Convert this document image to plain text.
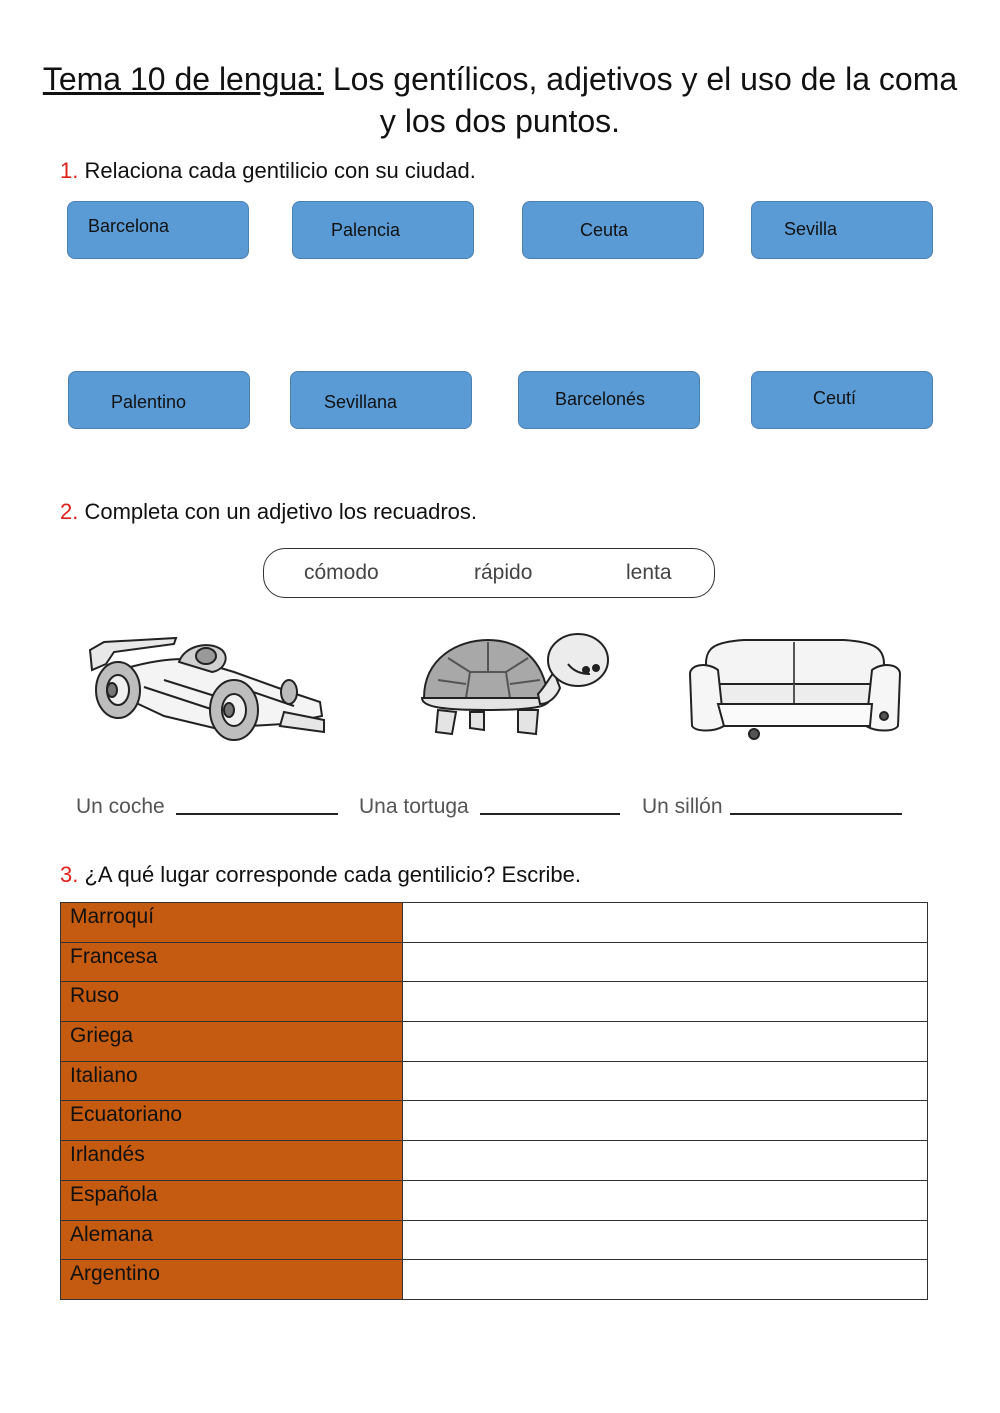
Tema 10 de lengua: Los gentílicos, adjetivos y el uso de la coma y los dos puntos.
1. Relaciona cada gentilicio con su ciudad.
Barcelona	Palencia	Ceuta	Sevilla
Palentino	Sevillana	Barcelonés	Ceutí
2. Completa con un adjetivo los recuadros.
cómodo	rápido	lenta
Un coche	Una tortuga	Un sillón
3. ¿A qué lugar corresponde cada gentilicio? Escribe.
Marroquí	
Francesa	
Ruso	
Griega	
Italiano	
Ecuatoriano	
Irlandés	
Española	
Alemana	
Argentino	
